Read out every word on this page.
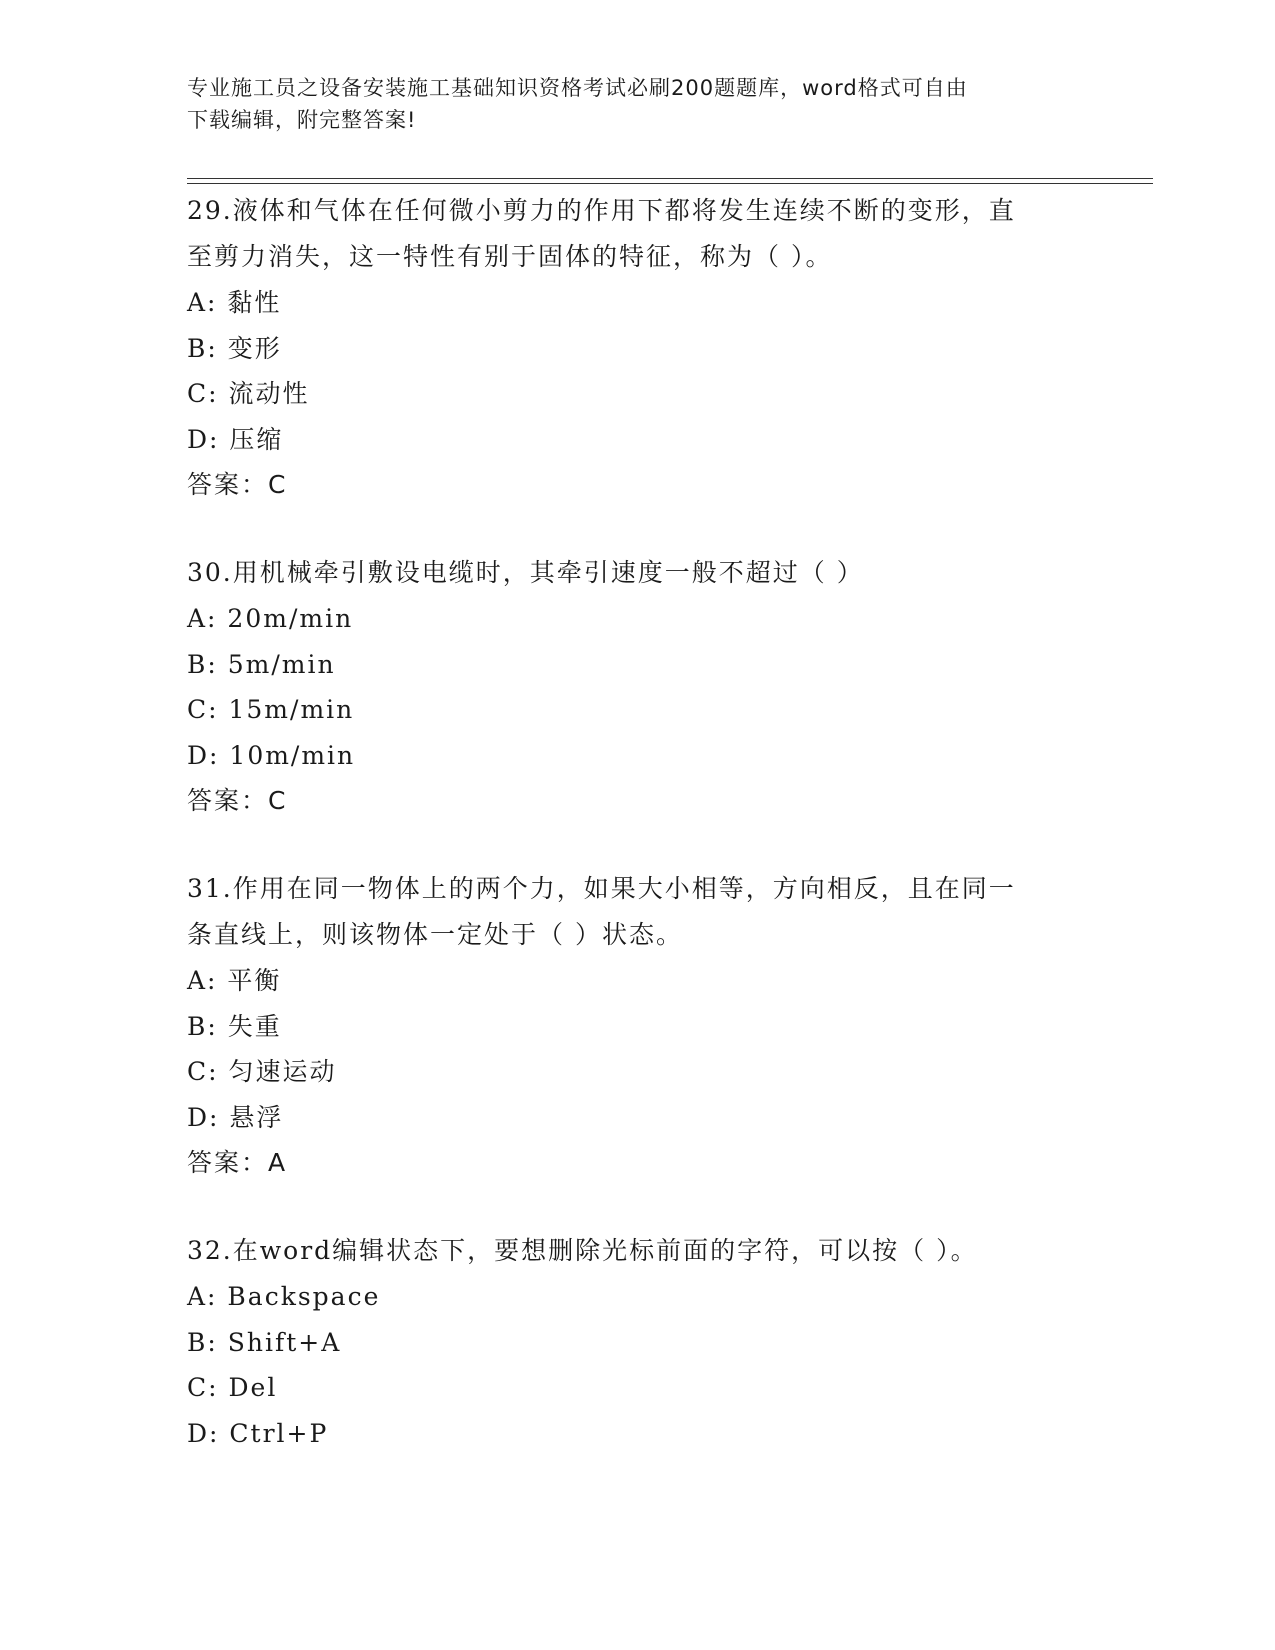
专业施工员之设备安装施工基础知识资格考试必刷200题题库，word格式可自由
下载编辑，附完整答案!
29.液体和气体在任何微小剪力的作用下都将发生连续不断的变形，直
至剪力消失，这一特性有别于固体的特征，称为（ ）。
A: 黏性
B: 变形
C: 流动性
D: 压缩
答案：C
30.用机械牵引敷设电缆时，其牵引速度一般不超过（ ）
A: 20m/min
B: 5m/min
C: 15m/min
D: 10m/min
答案：C
31.作用在同一物体上的两个力，如果大小相等，方向相反，且在同一
条直线上，则该物体一定处于（ ）状态。
A: 平衡
B: 失重
C: 匀速运动
D: 悬浮
答案：A
32.在word编辑状态下，要想删除光标前面的字符，可以按（ ）。
A: Backspace
B: Shift+A
C: Del
D: Ctrl+P
